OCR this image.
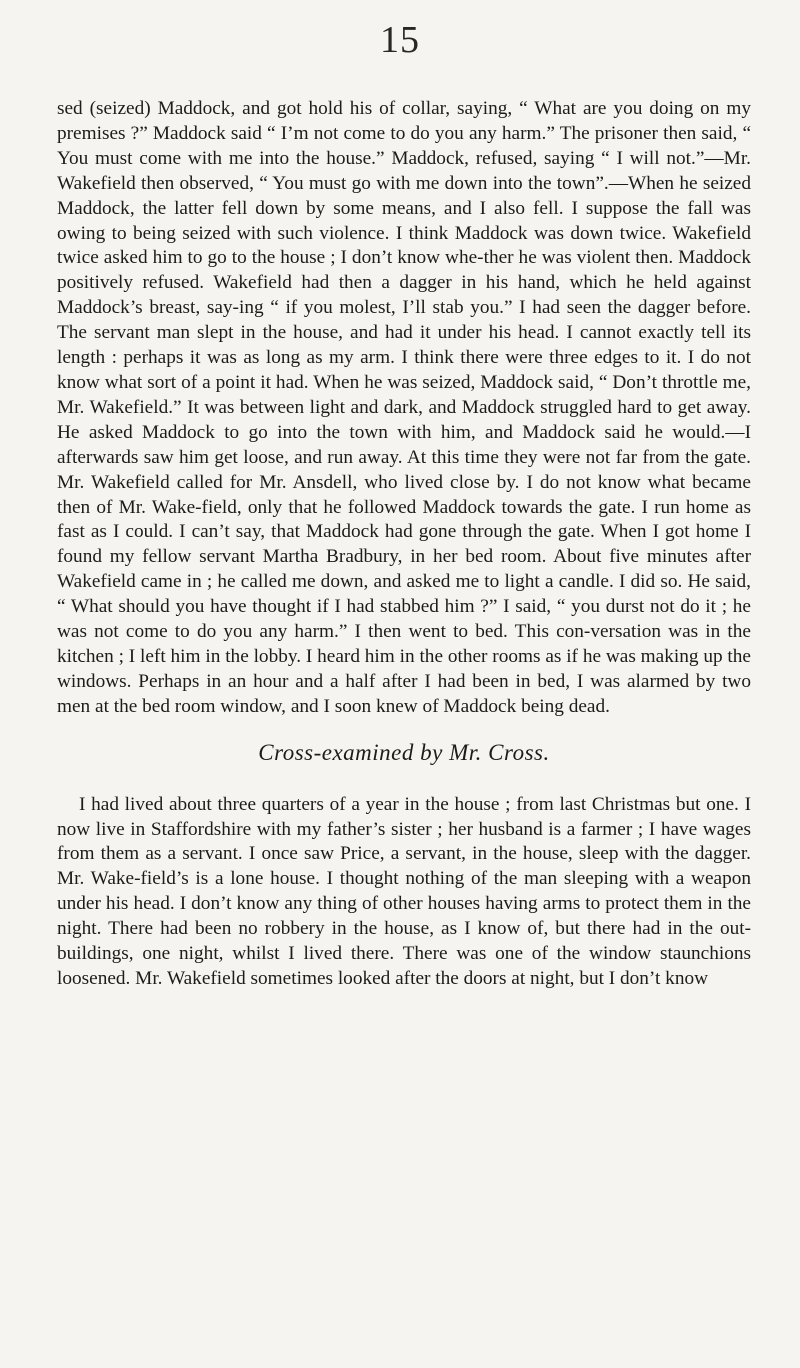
15

sed (seized) Maddock, and got hold his of collar, saying, “ What are you doing on my premises ?” Maddock said “ I’m not come to do you any harm.” The prisoner then said, “ You must come with me into the house.” Maddock, refused, saying “ I will not.”—Mr. Wakefield then observed, “ You must go with me down into the town”.—When he seized Maddock, the latter fell down by some means, and I also fell. I suppose the fall was owing to being seized with such violence. I think Maddock was down twice. Wakefield twice asked him to go to the house ; I don’t know whe-ther he was violent then. Maddock positively refused. Wakefield had then a dagger in his hand, which he held against Maddock’s breast, say-ing “ if you molest, I’ll stab you.” I had seen the dagger before. The servant man slept in the house, and had it under his head. I cannot exactly tell its length : perhaps it was as long as my arm. I think there were three edges to it. I do not know what sort of a point it had. When he was seized, Maddock said, “ Don’t throttle me, Mr. Wakefield.” It was between light and dark, and Maddock struggled hard to get away. He asked Maddock to go into the town with him, and Maddock said he would.—I afterwards saw him get loose, and run away. At this time they were not far from the gate. Mr. Wakefield called for Mr. Ansdell, who lived close by. I do not know what became then of Mr. Wake-field, only that he followed Maddock towards the gate. I run home as fast as I could. I can’t say, that Maddock had gone through the gate. When I got home I found my fellow servant Martha Bradbury, in her bed room. About five minutes after Wakefield came in ; he called me down, and asked me to light a candle. I did so. He said, “ What should you have thought if I had stabbed him ?” I said, “ you durst not do it ; he was not come to do you any harm.” I then went to bed. This con-versation was in the kitchen ; I left him in the lobby. I heard him in the other rooms as if he was making up the windows. Perhaps in an hour and a half after I had been in bed, I was alarmed by two men at the bed room window, and I soon knew of Maddock being dead.

Cross-examined by Mr. Cross.

I had lived about three quarters of a year in the house ; from last Christmas but one. I now live in Staffordshire with my father’s sister ; her husband is a farmer ; I have wages from them as a servant. I once saw Price, a servant, in the house, sleep with the dagger. Mr. Wake-field’s is a lone house. I thought nothing of the man sleeping with a weapon under his head. I don’t know any thing of other houses having arms to protect them in the night. There had been no robbery in the house, as I know of, but there had in the out-buildings, one night, whilst I lived there. There was one of the window staunchions loosened. Mr. Wakefield sometimes looked after the doors at night, but I don’t know
